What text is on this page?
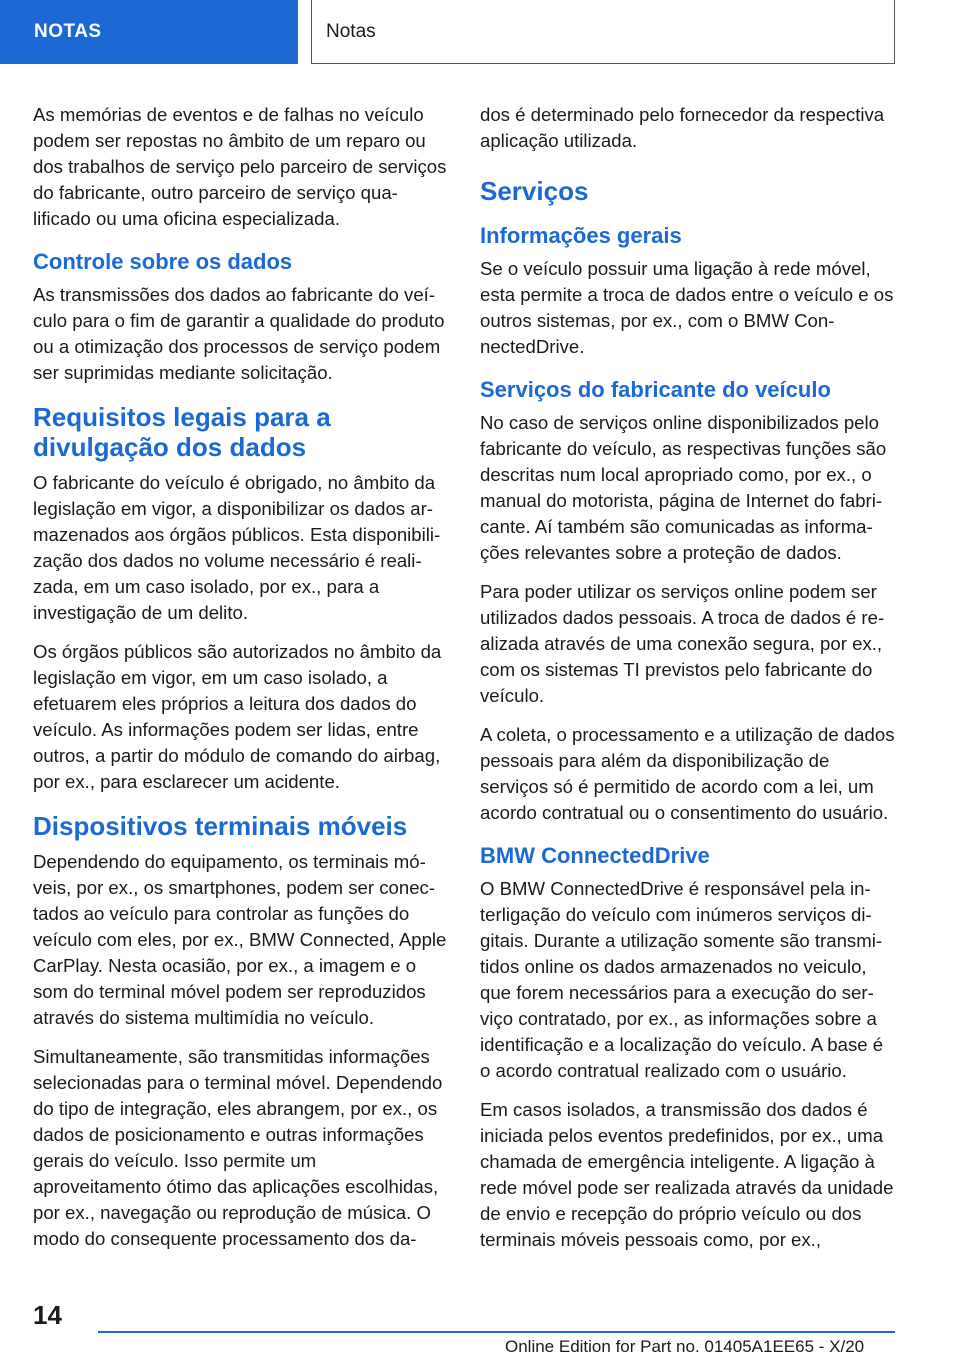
NOTAS	Notas

As memórias de eventos e de falhas no veículo podem ser repostas no âmbito de um reparo ou dos trabalhos de serviço pelo parceiro de serviços do fabricante, outro parceiro de serviço qualificado ou uma oficina especializada.

Controle sobre os dados

As transmissões dos dados ao fabricante do veículo para o fim de garantir a qualidade do produto ou a otimização dos processos de serviço podem ser suprimidas mediante solicitação.

Requisitos legais para a divulgação dos dados

O fabricante do veículo é obrigado, no âmbito da legislação em vigor, a disponibilizar os dados armazenados aos órgãos públicos. Esta disponibilização dos dados no volume necessário é realizada, em um caso isolado, por ex., para a investigação de um delito.

Os órgãos públicos são autorizados no âmbito da legislação em vigor, em um caso isolado, a efetuarem eles próprios a leitura dos dados do veículo. As informações podem ser lidas, entre outros, a partir do módulo de comando do airbag, por ex., para esclarecer um acidente.

Dispositivos terminais móveis

Dependendo do equipamento, os terminais móveis, por ex., os smartphones, podem ser conectados ao veículo para controlar as funções do veículo com eles, por ex., BMW Connected, Apple CarPlay. Nesta ocasião, por ex., a imagem e o som do terminal móvel podem ser reproduzidos através do sistema multimídia no veículo.

Simultaneamente, são transmitidas informações selecionadas para o terminal móvel. Dependendo do tipo de integração, eles abrangem, por ex., os dados de posicionamento e outras informações gerais do veículo. Isso permite um aproveitamento ótimo das aplicações escolhidas, por ex., navegação ou reprodução de música. O modo do consequente processamento dos da-

dos é determinado pelo fornecedor da respectiva aplicação utilizada.

Serviços
Informações gerais

Se o veículo possuir uma ligação à rede móvel, esta permite a troca de dados entre o veículo e os outros sistemas, por ex., com o BMW ConnectedDrive.

Serviços do fabricante do veículo

No caso de serviços online disponibilizados pelo fabricante do veículo, as respectivas funções são descritas num local apropriado como, por ex., o manual do motorista, página de Internet do fabricante. Aí também são comunicadas as informações relevantes sobre a proteção de dados.

Para poder utilizar os serviços online podem ser utilizados dados pessoais. A troca de dados é realizada através de uma conexão segura, por ex., com os sistemas TI previstos pelo fabricante do veículo.

A coleta, o processamento e a utilização de dados pessoais para além da disponibilização de serviços só é permitido de acordo com a lei, um acordo contratual ou o consentimento do usuário.

BMW ConnectedDrive

O BMW ConnectedDrive é responsável pela interligação do veículo com inúmeros serviços digitais. Durante a utilização somente são transmitidos online os dados armazenados no veiculo, que forem necessários para a execução do serviço contratado, por ex., as informações sobre a identificação e a localização do veículo. A base é o acordo contratual realizado com o usuário.

Em casos isolados, a transmissão dos dados é iniciada pelos eventos predefinidos, por ex., uma chamada de emergência inteligente. A ligação à rede móvel pode ser realizada através da unidade de envio e recepção do próprio veículo ou dos terminais móveis pessoais como, por ex.,

14
Online Edition for Part no. 01405A1EE65 - X/20
